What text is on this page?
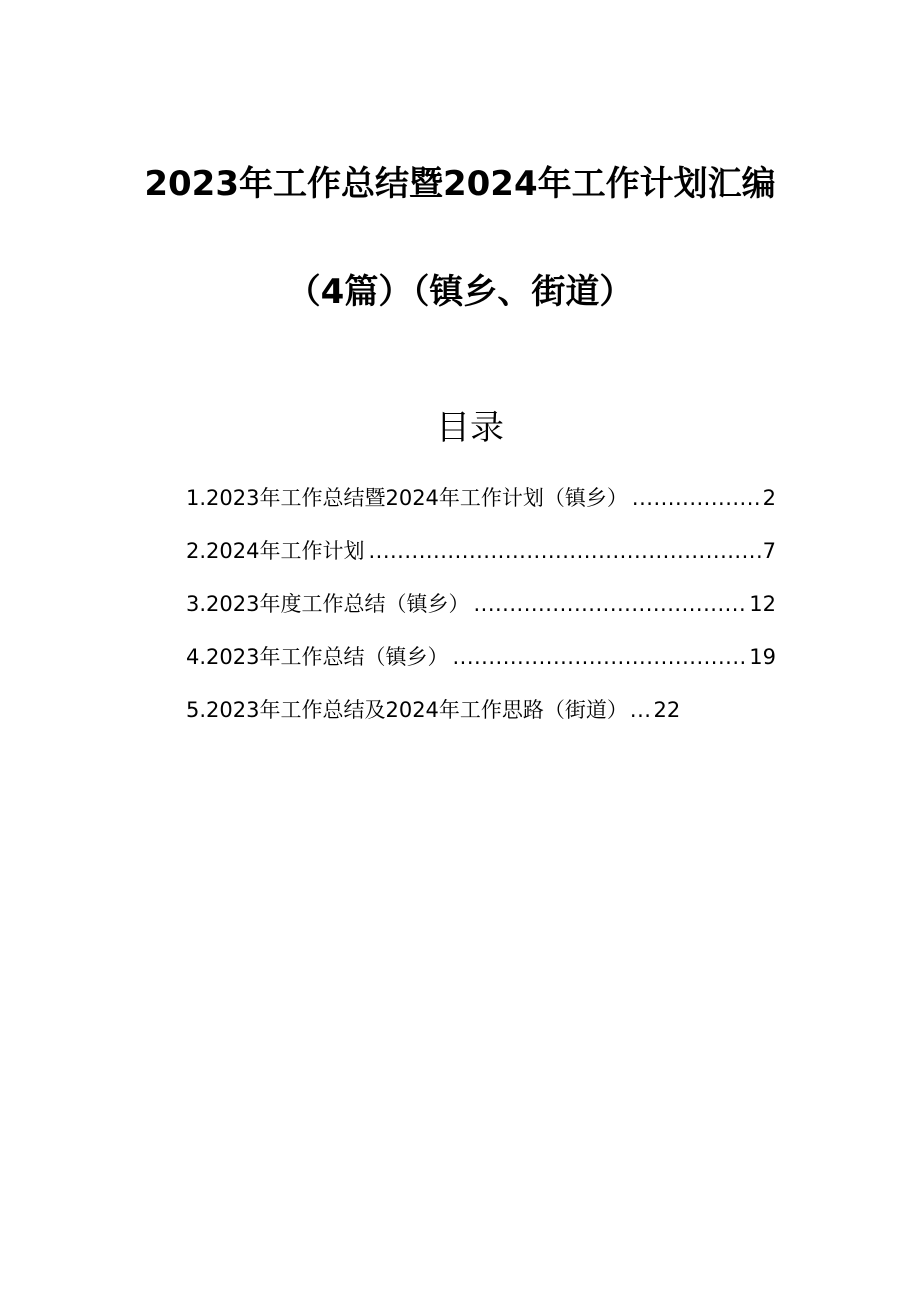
2023年工作总结暨2024年工作计划汇编
（4篇）（镇乡、街道）
目录
1.2023年工作总结暨2024年工作计划（镇乡） .....	2
2.2024年工作计划 .....	7
3.2023年度工作总结（镇乡） .....	12
4.2023年工作总结（镇乡） .....	19
5.2023年工作总结及2024年工作思路（街道） ... 22
